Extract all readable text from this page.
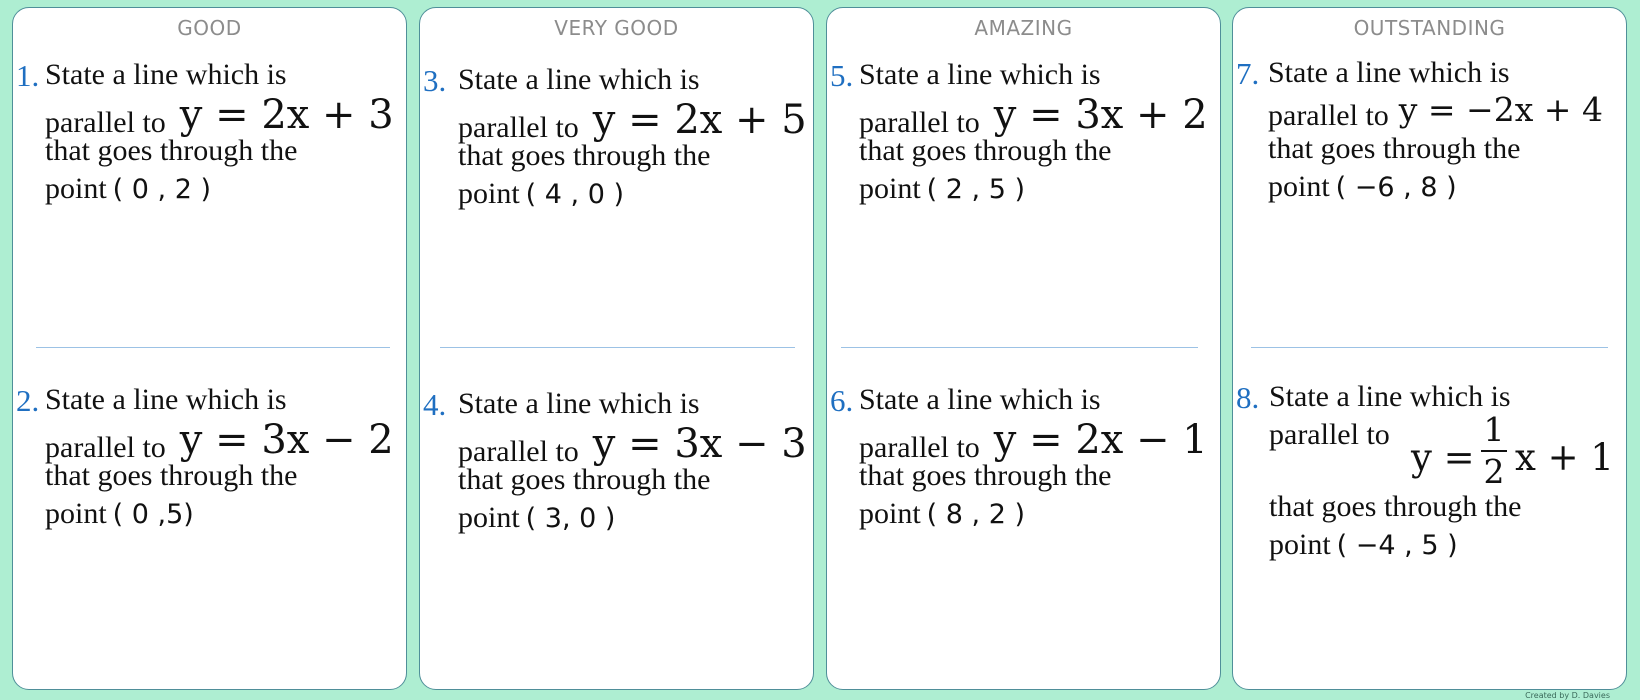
GOOD
1. State a line which is
parallel to y = 2x + 3
that goes through the
point ( 0 , 2 )
2. State a line which is
parallel to y = 3x − 2
that goes through the
point ( 0 ,5)
VERY GOOD
3. State a line which is
parallel to y = 2x + 5
that goes through the
point ( 4 , 0 )
4. State a line which is
parallel to y = 3x − 3
that goes through the
point ( 3, 0 )
AMAZING
5. State a line which is
parallel to y = 3x + 2
that goes through the
point ( 2 , 5 )
6. State a line which is
parallel to y = 2x − 1
that goes through the
point ( 8 , 2 )
OUTSTANDING
7. State a line which is
parallel to y = −2x + 4
that goes through the
point ( −6 , 8 )
8. State a line which is
parallel to
y =
1
2 x + 1
that goes through the
point ( −4 , 5 )
Created by D. Davies
